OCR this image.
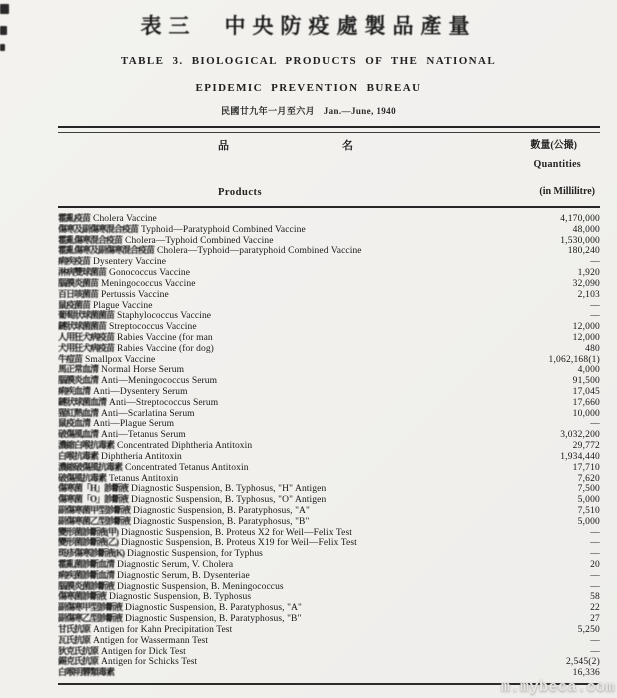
表三　中央防疫處製品產量
TABLE 3. BIOLOGICAL PRODUCTS OF THE NATIONAL
EPIDEMIC PREVENTION BUREAU
民國廿九年一月至六月 Jan.—June, 1940
品	名	數量(公撮)
Quantities
Products	(in Millilitre)
霍亂疫苗 Cholera Vaccine	4,170,000
傷寒及副傷寒混合疫苗 Typhoid—Paratyphoid Combined Vaccine	48,000
霍亂傷寒混合疫苗 Cholera—Typhoid Combined Vaccine	1,530,000
霍亂傷寒及副傷寒混合疫苗 Cholera—Typhoid—paratyphoid Combined Vaccine	180,240
痢疾疫苗 Dysentery Vaccine	—
淋病雙球菌苗 Gonococcus Vaccine	1,920
腦膜炎菌苗 Meningococcus Vaccine	32,090
百日咳菌苗 Pertussis Vaccine	2,103
鼠疫菌苗 Plague Vaccine	—
葡萄狀球菌菌苗 Staphylococcus Vaccine	—
鏈狀球菌菌苗 Streptococcus Vaccine	12,000
人用狂犬病疫苗 Rabies Vaccine (for man	12,000
犬用狂犬病疫苗 Rabies Vaccine (for dog)	480
牛痘苗 Smallpox Vaccine	1,062,168(1)
馬正常血清 Normal Horse Serum	4,000
腦膜炎血清 Anti—Meningococcus Serum	91,500
痢疾血清 Anti—Dysentery Serum	17,045
鏈狀球菌血清 Anti—Streptococcus Serum	17,660
猩紅熱血清 Anti—Scarlatina Serum	10,000
鼠疫血清 Anti—Plague Serum	—
破傷風血清 Anti—Tetanus Serum	3,032,200
濃縮白喉抗毒素 Concentrated Diphtheria Antitoxin	29,772
白喉抗毒素 Diphtheria Antitoxin	1,934,440
濃縮破傷風抗毒素 Concentrated Tetanus Antitoxin	17,710
破傷風抗毒素 Tetanus Antitoxin	7,620
傷寒菌「H」診斷液 Diagnostic Suspension, B. Typhosus, "H" Antigen	7,500
傷寒菌「O」診斷液 Diagnostic Suspension, B. Typhosus, "O" Antigen	5,000
副傷寒菌甲型診斷液 Diagnostic Suspension, B. Paratyphosus, "A"	7,510
副傷寒菌乙型診斷液 Diagnostic Suspension, B. Paratyphosus, "B"	5,000
變形菌診斷液(甲) Diagnostic Suspension, B. Proteus X2 for Weil—Felix Test	—
變形菌診斷液(乙) Diagnostic Suspension, B. Proteus X19 for Weil—Felix Test	—
斑疹傷寒診斷液(K) Diagnostic Suspension, for Typhus	—
霍亂菌診斷血清 Diagnostic Serum, V. Cholera	20
痢疾菌診斷血清 Diagnostic Serum, B. Dysenteriae	—
腦膜炎菌診斷液 Diagnostic Suspension, B. Meningococcus	—
傷寒菌診斷液 Diagnostic Suspension, B. Typhosus	58
副傷寒甲型診斷液 Diagnostic Suspension, B. Paratyphosus, "A"	22
副傷寒乙型診斷液 Diagnostic Suspension, B. Paratyphosus, "B"	27
甘氏抗原 Antigen for Kahn Precipitation Test	5,250
瓦氏抗原 Antigen for Wassermann Test	—
狄克氏抗原 Antigen for Dick Test	—
錫克氏抗原 Antigen for Schicks Test	2,545(2)
白喉明礬類毒素	16,336
m.mybeca.com
